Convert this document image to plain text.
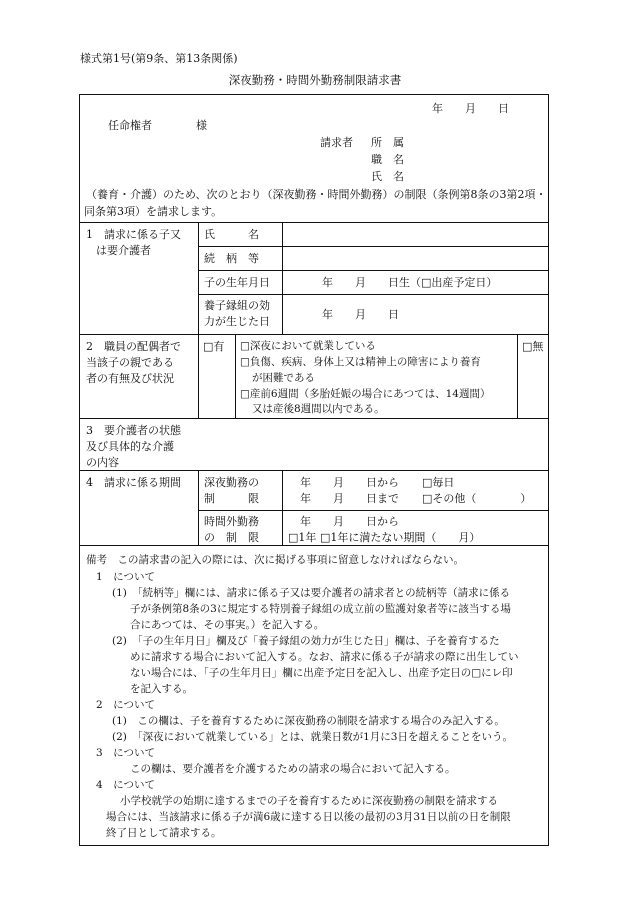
様式第1号(第9条、第13条関係)
深夜勤務・時間外勤務制限請求書
年　　月　　日
任命権者　　　　様
請求者 所　属
職　名
氏　名
（養育・介護）のため、次のとおり（深夜勤務・時間外勤務）の制限（条例第8条の3第2項・
同条第3項）を請求します。
1　請求に係る子又
は要介護者
氏　　　名
続　柄　等
子の生年月日	年　　月　　日生（□出産予定日）
養子縁組の効
力が生じた日
年　　月　　日
2　職員の配偶者で
当該子の親である
者の有無及び状況
□有 □深夜において就業している
□負傷、疾病、身体上又は精神上の障害により養育
が困難である
□産前6週間（多胎妊娠の場合にあつては、14週間）
又は産後8週間以内である。
□無
3　要介護者の状態
及び具体的な介護
の内容
4　請求に係る期間 深夜勤務の
制　　　限
年　　月　　日から
年　　月　　日まで
□毎日
□その他（　　　　）
時間外勤務
の　制　限
年　　月　　日から
□1年 □1年に満たない期間（　　月）
備考　この請求書の記入の際には、次に掲げる事項に留意しなければならない。
1　について
(1)　「続柄等」欄には、請求に係る子又は要介護者の請求者との続柄等（請求に係る
子が条例第8条の3に規定する特別養子縁組の成立前の監護対象者等に該当する場
合にあつては、その事実。）を記入する。
(2)　「子の生年月日」欄及び「養子縁組の効力が生じた日」欄は、子を養育するた
めに請求する場合において記入する。なお、請求に係る子が請求の際に出生してい
ない場合には、「子の生年月日」欄に出産予定日を記入し、出産予定日の□にレ印
を記入する。
2　について
(1)　この欄は、子を養育するために深夜勤務の制限を請求する場合のみ記入する。
(2)　「深夜において就業している」とは、就業日数が1月に3日を超えることをいう。
3　について
この欄は、要介護者を介護するための請求の場合において記入する。
4　について
小学校就学の始期に達するまでの子を養育するために深夜勤務の制限を請求する
場合には、当該請求に係る子が満6歳に達する日以後の最初の3月31日以前の日を制限
終了日として請求する。
